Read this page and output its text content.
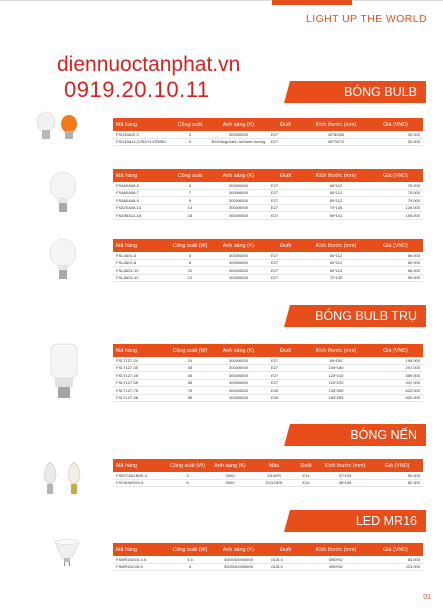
LIGHT UP THE WORLD
diennuoctanphat.vn
0919.20.10.11	BÓNG BULB
Mã hàng	Công suất	Ánh sáng (K)	Đuôi	Kích thước (mm)	Giá (VND)
FSG45A/E-3	3	3000/6500	E27	45*80/85	40.000
FSG45A11-2-RD/YL/GR/BU	2	Đỏ/Vàng/Xanh lá/Xanh dương	E27	45*78/72	30.000
Mã hàng	Công suất	Ánh sáng (K)	Đuôi	Kích thước (mm)	Giá (VND)
FSA60A08-5	5	3000/6500	E27	60*112	70.000
FSA60A08-7	7	3000/6500	E27	60*112	75.000
FSA60A08-9	9	3000/6500	E27	60*112	79.000
FSA70A08-13	13	3000/6500	E27	70*135	128.000
FSA95A12-18	18	3000/6500	E27	95*141	155.000
Mã hàng	Công suất (W)	Ánh sáng (K)	Đuôi	Kích thước (mm)	Giá (VND)
FSLA601-6	6	3000/6500	E27	60*112	56.000
FSLA601-8	8	3000/6500	E27	60*112	60.000
FSLA601-10	10	3000/6500	E27	60*112	66.000
FSLA601-12	12	3000/6500	E27	70*135	99.000
BÓNG BULB TRỤ
Mã hàng	Công suất (W)	Ánh sáng (K)	Đuôi	Kích thước (mm)	Giá (VND)
FSLT127-24	24	3000/6500	E27	80*150	196.000
FSLT127-35	35	3000/6500	E27	100*180	297.000
FSLT127-45	45	3000/6500	E27	120*210	389.000
FSLT127-55	55	3000/6500	E27	120*220	447.000
FSLT127-75	75	3000/6500	E40	135*255	620.000
FSLT127-98	98	3000/6500	E40	150*265	830.000
BÓNG NẾN
Mã hàng	Công suất (W)	Ánh sáng (K)	Màu	Đuôi	Kích thước (mm)	Giá (VND)
FSBT03A1B5R-3	3	3000	SILVER	E14	37*125	50.000
FSCMA09G0-5	5	3000	GOLDEN	E14	38*108	82.000
LED MR16
Mã hàng	Công suất (W)	Ánh sáng (K)	Đuôi	Kích thước (mm)	Giá (VND)
FSMR16D03-4.5	4.5	3000/4000/6500	GU5.3	Ø50*52	84.000
FSMR16C05-5	5	3000/4000/6500	GU5.3	Ø50*52	113.000
01
